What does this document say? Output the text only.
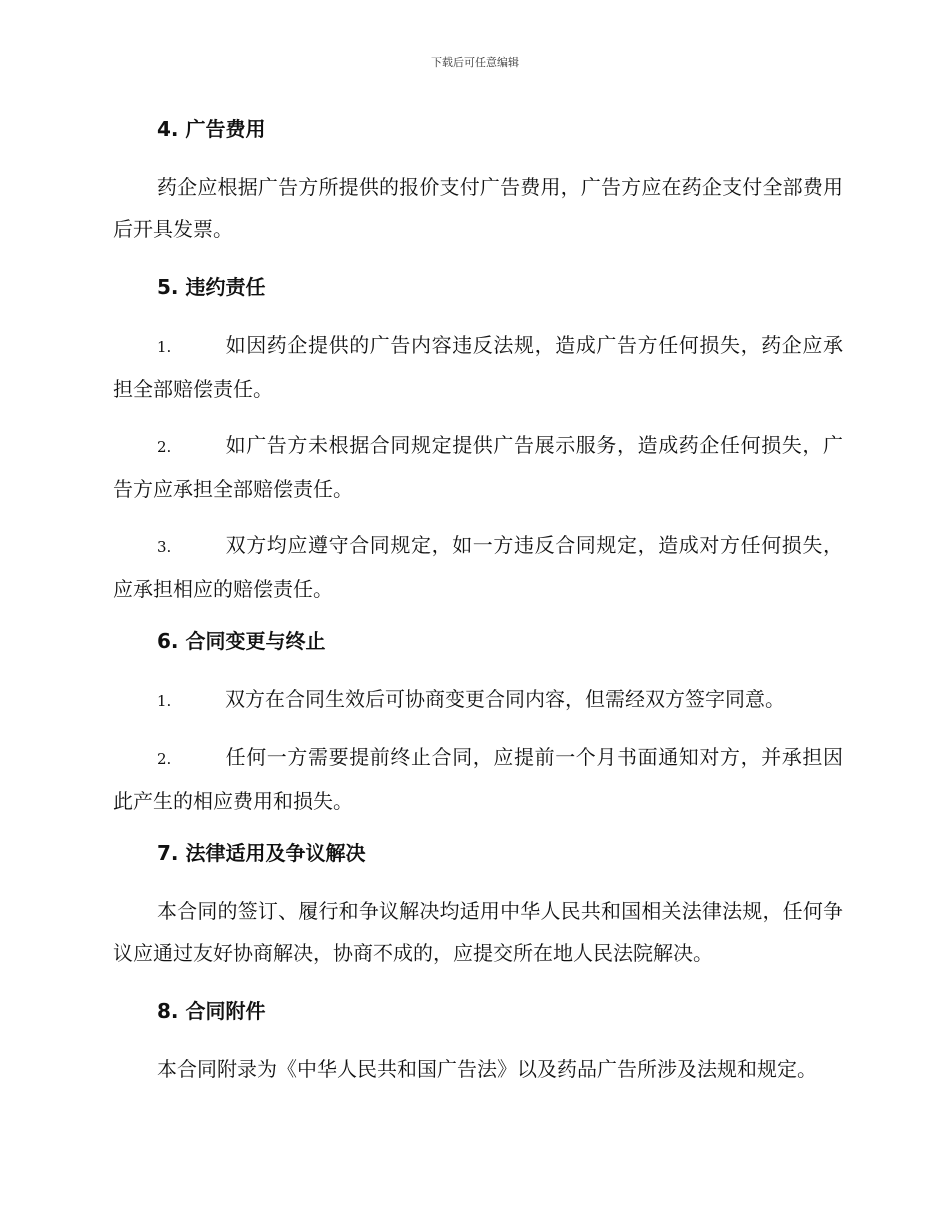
下载后可任意编辑
4. 广告费用

药企应根据广告方所提供的报价支付广告费用，广告方应在药企支付全部费用后开具发票。

5. 违约责任

1.	如因药企提供的广告内容违反法规，造成广告方任何损失，药企应承担全部赔偿责任。

2.	如广告方未根据合同规定提供广告展示服务，造成药企任何损失，广告方应承担全部赔偿责任。

3.	双方均应遵守合同规定，如一方违反合同规定，造成对方任何损失，应承担相应的赔偿责任。

6. 合同变更与终止

1.	双方在合同生效后可协商变更合同内容，但需经双方签字同意。

2.	任何一方需要提前终止合同，应提前一个月书面通知对方，并承担因此产生的相应费用和损失。

7. 法律适用及争议解决

本合同的签订、履行和争议解决均适用中华人民共和国相关法律法规，任何争议应通过友好协商解决，协商不成的，应提交所在地人民法院解决。

8. 合同附件

本合同附录为《中华人民共和国广告法》以及药品广告所涉及法规和规定。
